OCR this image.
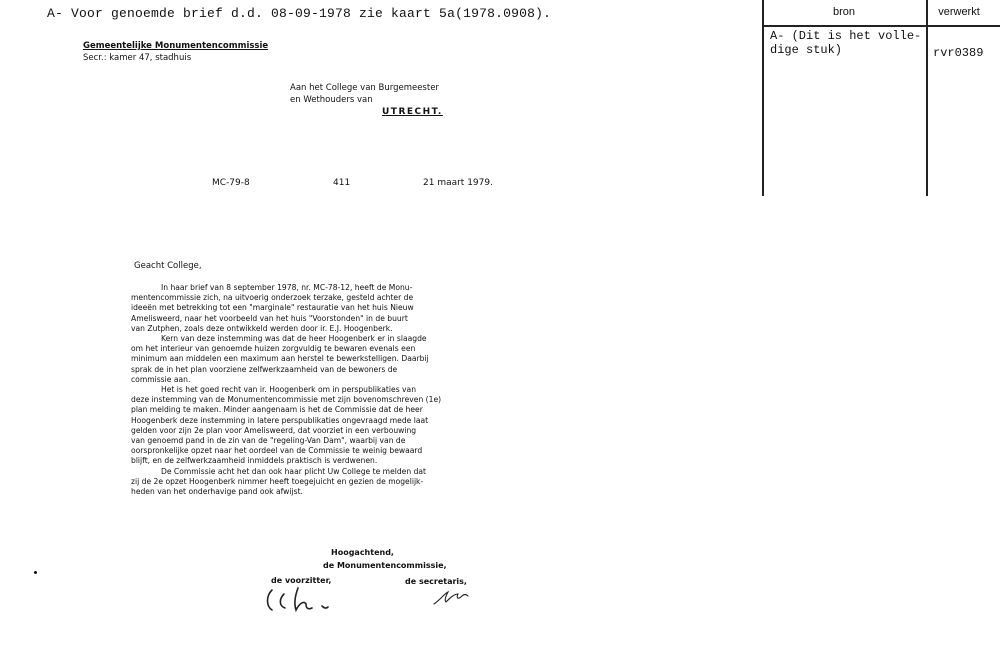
A- Voor genoemde brief d.d. 08-09-1978 zie kaart 5a(1978.0908).	bron	verwerkt
A- (Dit is het volle-
dige stuk)	rvr0389
Gemeentelijke Monumentencommissie
Secr.: kamer 47, stadhuis
Aan het College van Burgemeester
en Wethouders van
UTRECHT.
MC-79-8	411	21 maart 1979.
Geacht College,

In haar brief van 8 september 1978, nr. MC-78-12, heeft de Monu-

mentencommissie zich, na uitvoerig onderzoek terzake, gesteld achter de

ideeën met betrekking tot een "marginale" restauratie van het huis Nieuw

Amelisweerd, naar het voorbeeld van het huis "Voorstonden" in de buurt

van Zutphen, zoals deze ontwikkeld werden door ir. E.J. Hoogenberk.

Kern van deze instemming was dat de heer Hoogenberk er in slaagde

om het interieur van genoemde huizen zorgvuldig te bewaren evenals een

minimum aan middelen een maximum aan herstel te bewerkstelligen. Daarbij

sprak de in het plan voorziene zelfwerkzaamheid van de bewoners de

commissie aan.

Het is het goed recht van ir. Hoogenberk om in perspublikaties van

deze instemming van de Monumentencommissie met zijn bovenomschreven (1e)

plan melding te maken. Minder aangenaam is het de Commissie dat de heer

Hoogenberk deze instemming in latere perspublikaties ongevraagd mede laat

gelden voor zijn 2e plan voor Amelisweerd, dat voorziet in een verbouwing

van genoemd pand in de zin van de "regeling-Van Dam", waarbij van de

oorspronkelijke opzet naar het oordeel van de Commissie te weinig bewaard

blijft, en de zelfwerkzaamheid inmiddels praktisch is verdwenen.

De Commissie acht het dan ook haar plicht Uw College te melden dat

zij de 2e opzet Hoogenberk nimmer heeft toegejuicht en gezien de mogelijk-

heden van het onderhavige pand ook afwijst.

Hoogachtend,
de Monumentencommissie,
de voorzitter,	de secretaris,
